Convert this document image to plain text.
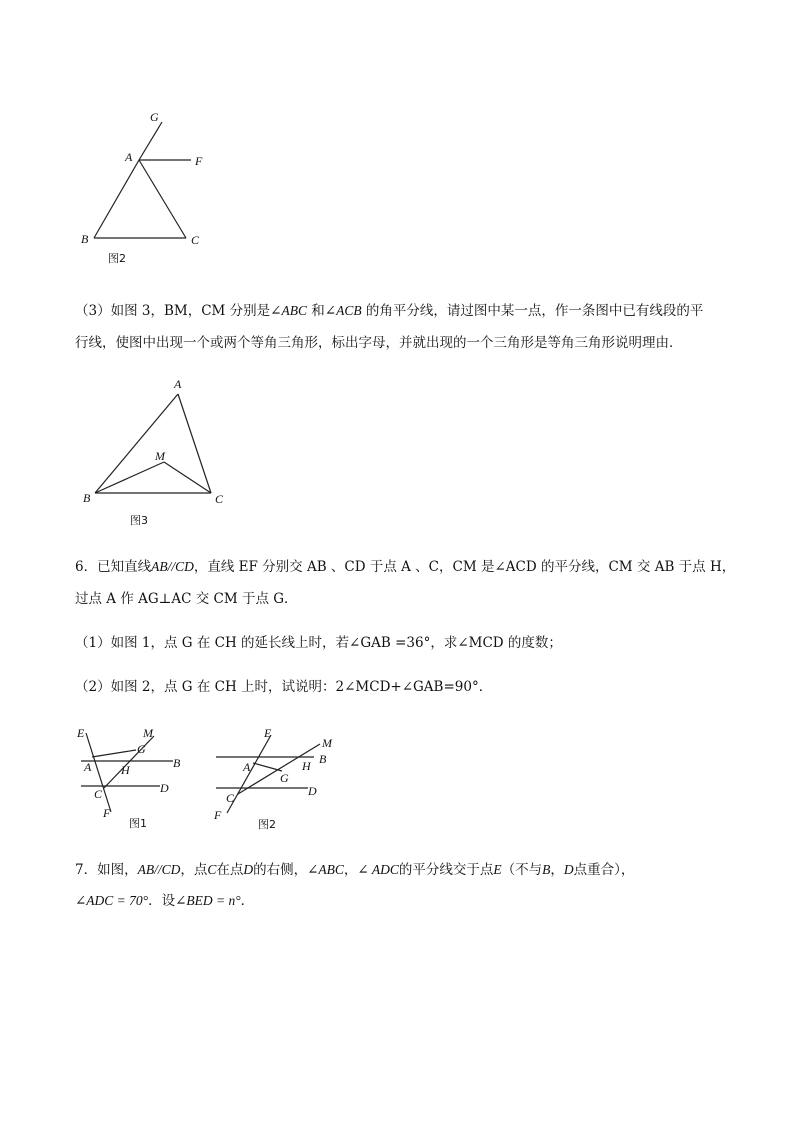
G
A	F
B	C
图2
（3）如图 3，BM，CM 分别是∠ABC 和∠ACB 的角平分线，请过图中某一点，作一条图中已有线段的平
行线，使图中出现一个或两个等角三角形，标出字母，并就出现的一个三角形是等角三角形说明理由．
A
M
B	C
图3
6．已知直线AB//CD，直线 EF 分别交 AB 、CD 于点 A 、C，CM 是∠ACD 的平分线，CM 交 AB 于点 H，
过点 A 作 AG⊥AC 交 CM 于点 G．
（1）如图 1，点 G 在 CH 的延长线上时，若∠GAB =36°，求∠MCD 的度数；
（2）如图 2，点 G 在 CH 上时，试说明：2∠MCD+∠GAB=90°．
E	M
G
A H	B
C	D
F
图1
E
M
A
G
H B
C	D
F
图2
7．如图，AB//CD，点C在点D的右侧，∠ABC，∠ ADC的平分线交于点E（不与B，D点重合），
∠ADC = 70°．设∠BED = n°．
